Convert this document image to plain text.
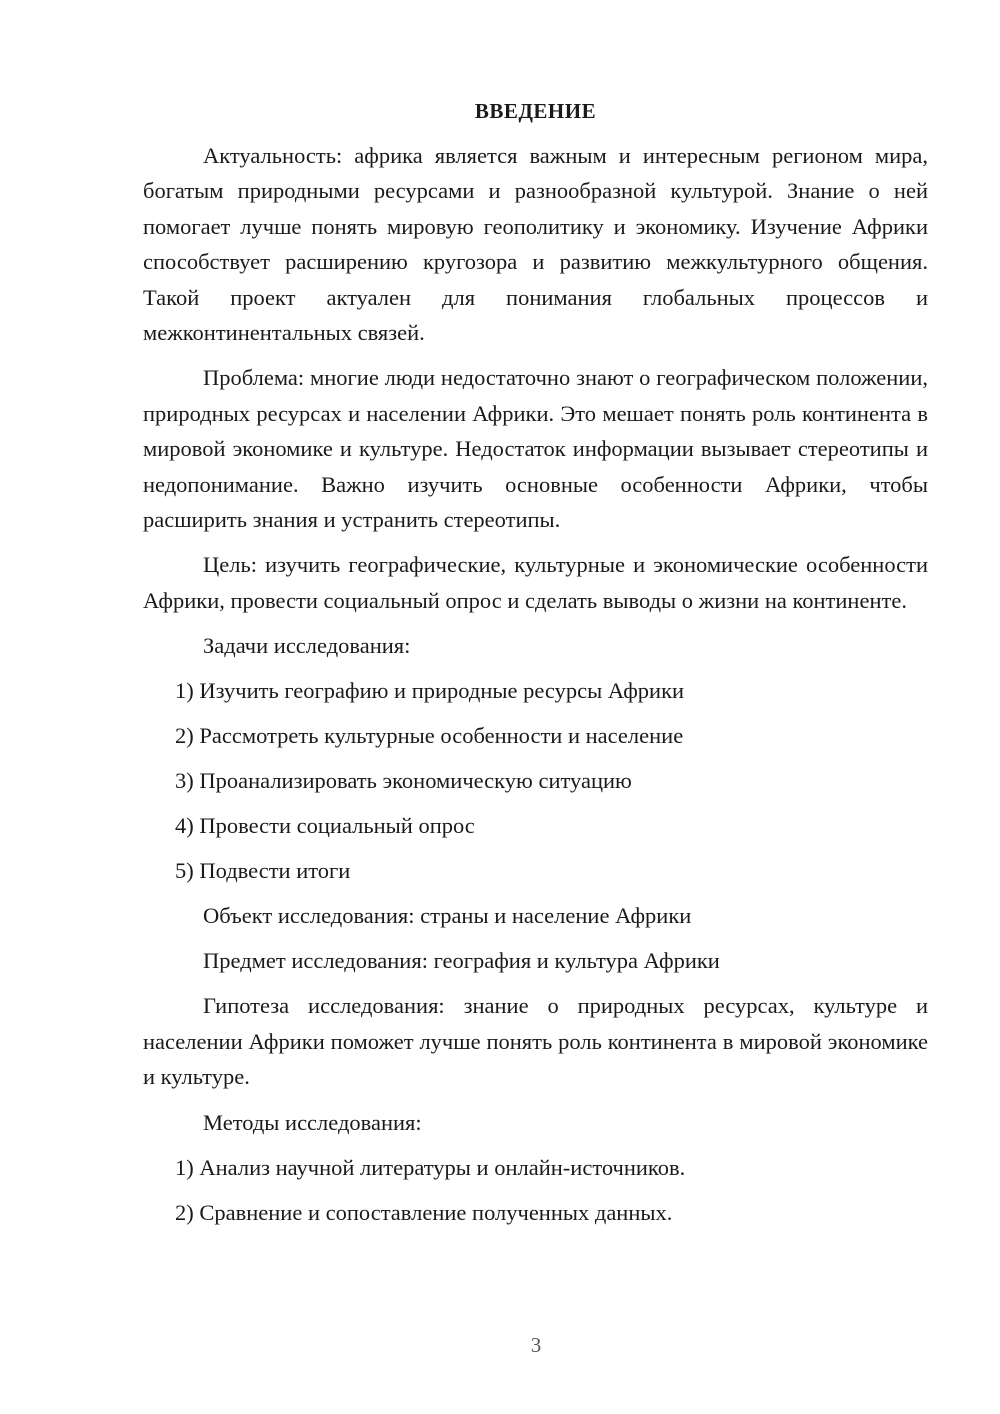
ВВЕДЕНИЕ

Актуальность: африка является важным и интересным регионом мира, богатым природными ресурсами и разнообразной культурой. Знание о ней помогает лучше понять мировую геополитику и экономику. Изучение Африки способствует расширению кругозора и развитию межкультурного общения. Такой проект актуален для понимания глобальных процессов и межконтинентальных связей.

Проблема: многие люди недостаточно знают о географическом положении, природных ресурсах и населении Африки. Это мешает понять роль континента в мировой экономике и культуре. Недостаток информации вызывает стереотипы и недопонимание. Важно изучить основные особенности Африки, чтобы расширить знания и устранить стереотипы.

Цель: изучить географические, культурные и экономические особенности Африки, провести социальный опрос и сделать выводы о жизни на континенте.

Задачи исследования:
1) Изучить географию и природные ресурсы Африки
2) Рассмотреть культурные особенности и население
3) Проанализировать экономическую ситуацию
4) Провести социальный опрос
5) Подвести итоги
Объект исследования: страны и население Африки
Предмет исследования: география и культура Африки

Гипотеза исследования: знание о природных ресурсах, культуре и населении Африки поможет лучше понять роль континента в мировой экономике и культуре.

Методы исследования:
1) Анализ научной литературы и онлайн-источников.
2) Сравнение и сопоставление полученных данных.
3
